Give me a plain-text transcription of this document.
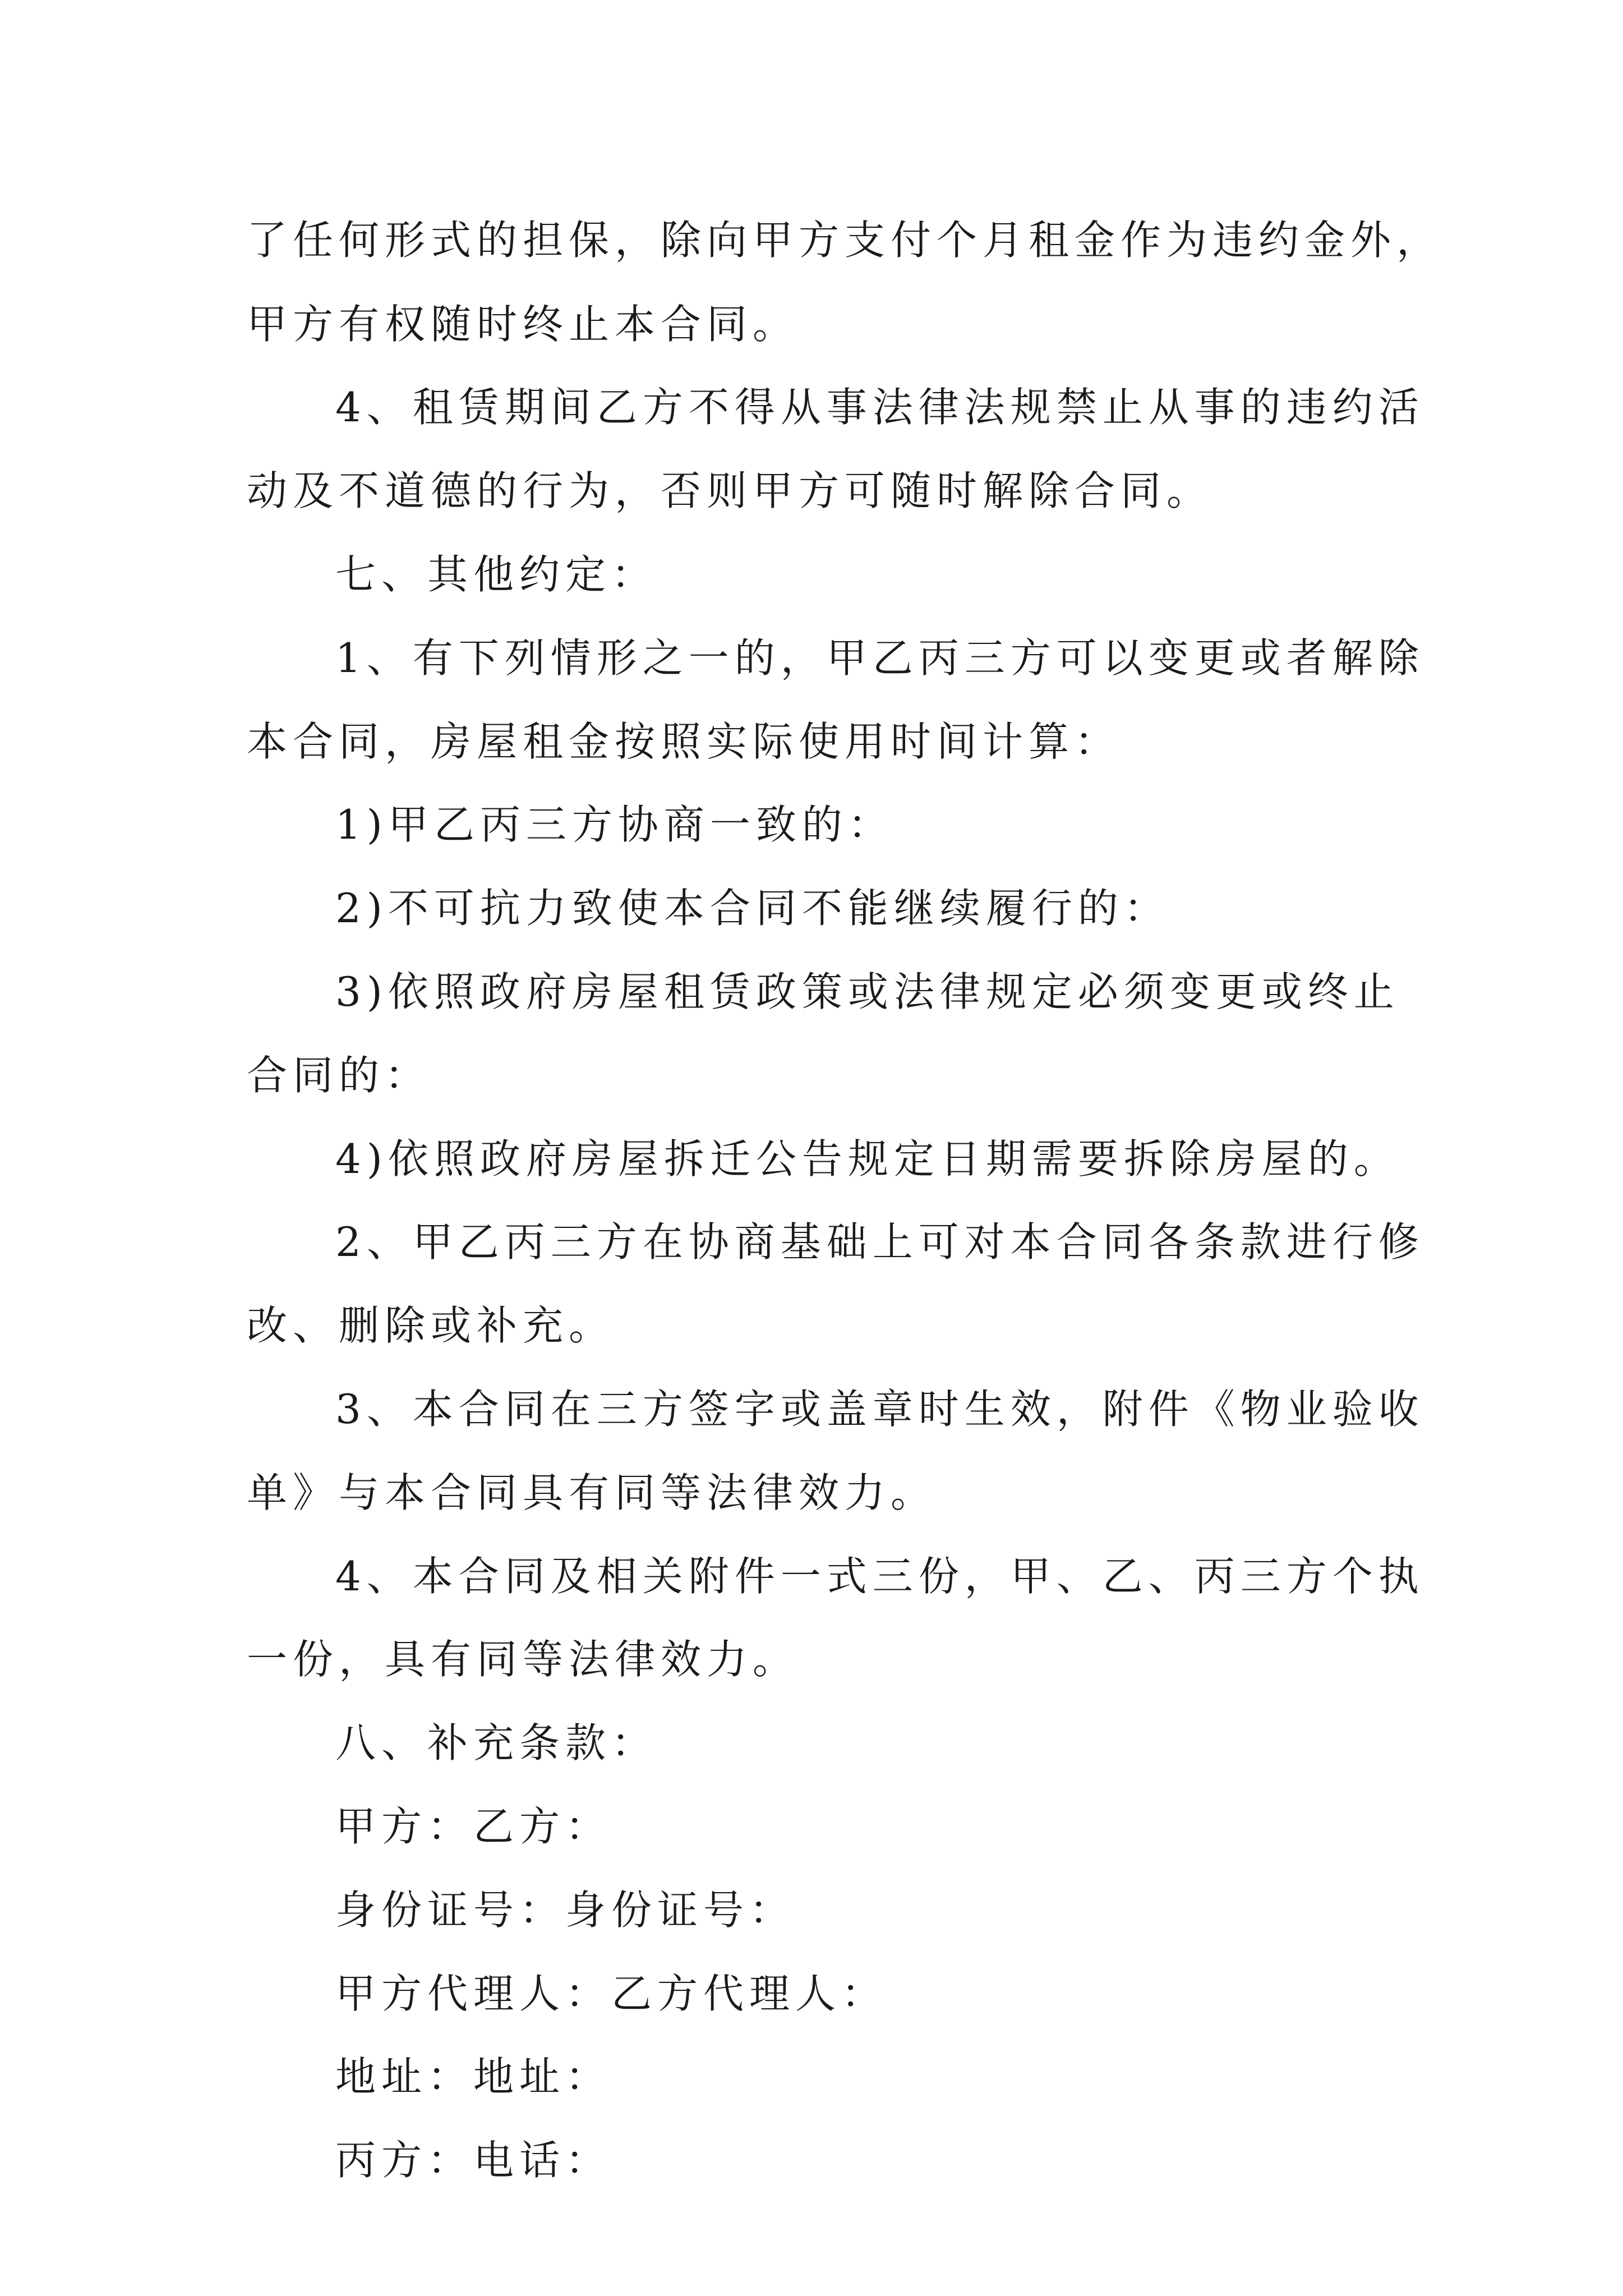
了任何形式的担保，除向甲方支付个月租金作为违约金外，
甲方有权随时终止本合同。
4、租赁期间乙方不得从事法律法规禁止从事的违约活
动及不道德的行为，否则甲方可随时解除合同。
七、其他约定：
1、有下列情形之一的，甲乙丙三方可以变更或者解除
本合同，房屋租金按照实际使用时间计算：
1)甲乙丙三方协商一致的：
2)不可抗力致使本合同不能继续履行的：
3)依照政府房屋租赁政策或法律规定必须变更或终止
合同的：
4)依照政府房屋拆迁公告规定日期需要拆除房屋的。
2、甲乙丙三方在协商基础上可对本合同各条款进行修
改、删除或补充。
3、本合同在三方签字或盖章时生效，附件《物业验收
单》与本合同具有同等法律效力。
4、本合同及相关附件一式三份，甲、乙、丙三方个执
一份，具有同等法律效力。
八、补充条款：
甲方：乙方：
身份证号：身份证号：
甲方代理人：乙方代理人：
地址：地址：
丙方：电话：
